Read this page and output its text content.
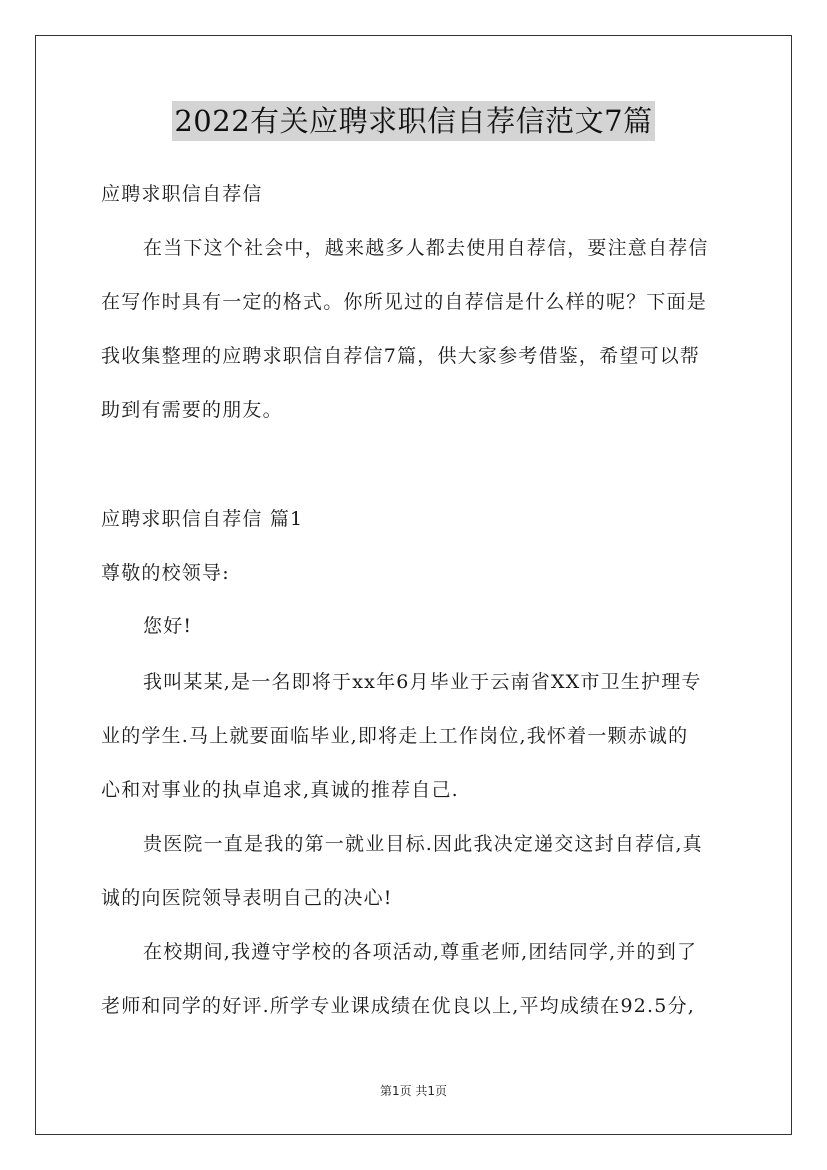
2022有关应聘求职信自荐信范文7篇
应聘求职信自荐信
在当下这个社会中，越来越多人都去使用自荐信，要注意自荐信
在写作时具有一定的格式。你所见过的自荐信是什么样的呢？下面是
我收集整理的应聘求职信自荐信7篇，供大家参考借鉴，希望可以帮
助到有需要的朋友。
应聘求职信自荐信 篇1
尊敬的校领导:
您好!
我叫某某,是一名即将于xx年6月毕业于云南省XX市卫生护理专
业的学生.马上就要面临毕业,即将走上工作岗位,我怀着一颗赤诚的
心和对事业的执卓追求,真诚的推荐自己.
贵医院一直是我的第一就业目标.因此我决定递交这封自荐信,真
诚的向医院领导表明自己的决心!
在校期间,我遵守学校的各项活动,尊重老师,团结同学,并的到了
老师和同学的好评.所学专业课成绩在优良以上,平均成绩在92.5分,
第1页 共1页
